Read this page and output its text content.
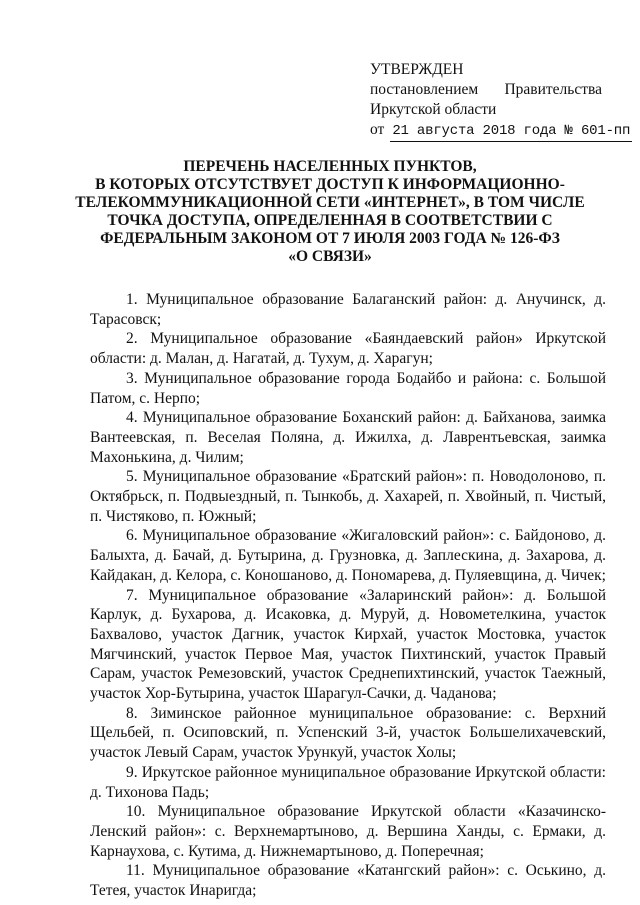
УТВЕРЖДЕН
постановлением Правительства
Иркутской области
от 21 августа 2018 года № 601-пп
ПЕРЕЧЕНЬ НАСЕЛЕННЫХ ПУНКТОВ,
В КОТОРЫХ ОТСУТСТВУЕТ ДОСТУП К ИНФОРМАЦИОННО-
ТЕЛЕКОММУНИКАЦИОННОЙ СЕТИ «ИНТЕРНЕТ», В ТОМ ЧИСЛЕ
ТОЧКА ДОСТУПА, ОПРЕДЕЛЕННАЯ В СООТВЕТСТВИИ С
ФЕДЕРАЛЬНЫМ ЗАКОНОМ ОТ 7 ИЮЛЯ 2003 ГОДА № 126-ФЗ
«О СВЯЗИ»

1. Муниципальное образование Балаганский район: д. Анучинск, д. Тарасовск;

2. Муниципальное образование «Баяндаевский район» Иркутской области: д. Малан, д. Нагатай, д. Тухум, д. Харагун;

3. Муниципальное образование города Бодайбо и района: с. Большой Патом, с. Нерпо;

4. Муниципальное образование Боханский район: д. Байханова, заимка Вантеевская, п. Веселая Поляна, д. Ижилха, д. Лаврентьевская, заимка Махонькина, д. Чилим;

5. Муниципальное образование «Братский район»: п. Новодолоново, п. Октябрьск, п. Подвыездный, п. Тынкобь, д. Хахарей, п. Хвойный, п. Чистый, п. Чистяково, п. Южный;

6. Муниципальное образование «Жигаловский район»: с. Байдоново, д. Балыхта, д. Бачай, д. Бутырина, д. Грузновка, д. Заплескина, д. Захарова, д. Кайдакан, д. Келора, с. Коношаново, д. Пономарева, д. Пуляевщина, д. Чичек;

7. Муниципальное образование «Заларинский район»: д. Большой Карлук, д. Бухарова, д. Исаковка, д. Муруй, д. Новометелкина, участок Бахвалово, участок Дагник, участок Кирхай, участок Мостовка, участок Мягчинский, участок Первое Мая, участок Пихтинский, участок Правый Сарам, участок Ремезовский, участок Среднепихтинский, участок Таежный, участок Хор-Бутырина, участок Шарагул-Сачки, д. Чаданова;

8. Зиминское районное муниципальное образование: с. Верхний Щельбей, п. Осиповский, п. Успенский 3-й, участок Большелихачевский, участок Левый Сарам, участок Урункуй, участок Холы;

9. Иркутское районное муниципальное образование Иркутской области: д. Тихонова Падь;

10. Муниципальное образование Иркутской области «Казачинско-Ленский район»: с. Верхнемартыново, д. Вершина Ханды, с. Ермаки, д. Карнаухова, с. Кутима, д. Нижнемартыново, д. Поперечная;

11. Муниципальное образование «Катангский район»: с. Оськино, д. Тетея, участок Инаригда;
